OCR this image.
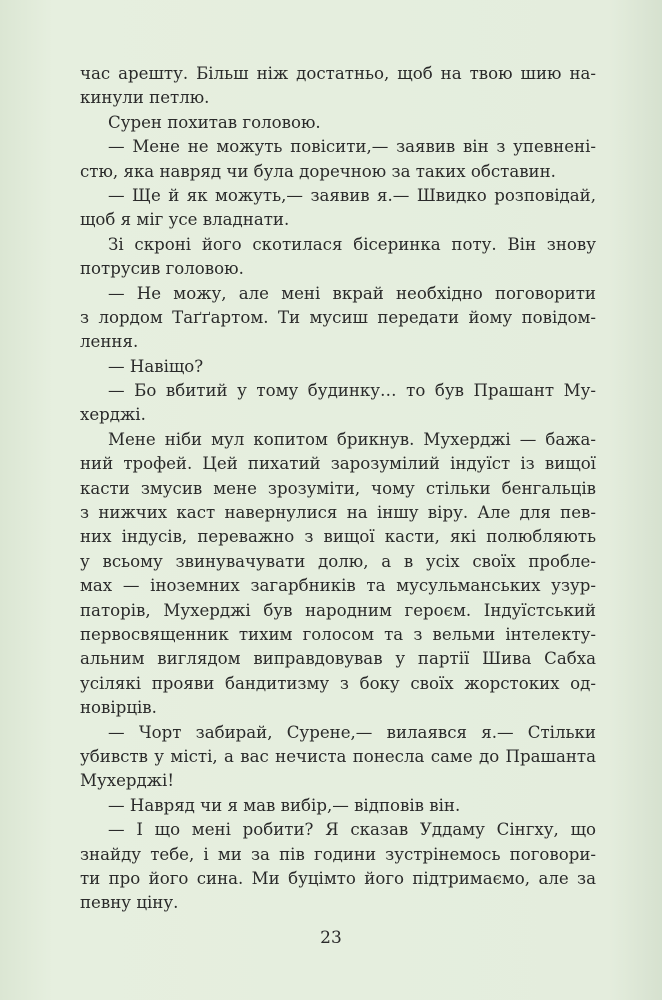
час арешту. Більш ніж достатньо, щоб на твою шию на-
кинули петлю.
Сурен похитав головою.
— Мене не можуть повісити,— заявив він з упевнені-
стю, яка навряд чи була доречною за таких обставин.
— Ще й як можуть,— заявив я.— Швидко розповідай,
щоб я міг усе владнати.
Зі скроні його скотилася бісеринка поту. Він знову
потрусив головою.
— Не можу, але мені вкрай необхідно поговорити
з лордом Таґґартом. Ти мусиш передати йому повідом-
лення.
— Навіщо?
— Бо вбитий у тому будинку… то був Прашант Му-
херджі.
Мене ніби мул копитом брикнув. Мухерджі — бажа-
ний трофей. Цей пихатий зарозумілий індуїст із вищої
касти змусив мене зрозуміти, чому стільки бенгальців
з нижчих каст навернулися на іншу віру. Але для пев-
них індусів, переважно з вищої касти, які полюбляють
у всьому звинувачувати долю, а в усіх своїх пробле-
мах — іноземних загарбників та мусульманських узур-
паторів, Мухерджі був народним героєм. Індуїстський
первосвященник тихим голосом та з вельми інтелекту-
альним виглядом виправдовував у партії Шива Сабха
усілякі прояви бандитизму з боку своїх жорстоких од-
новірців.
— Чорт забирай, Сурене,— вилаявся я.— Стільки
убивств у місті, а вас нечиста понесла саме до Прашанта
Мухерджі!
— Навряд чи я мав вибір,— відповів він.
— І що мені робити? Я сказав Уддаму Сінгху, що
знайду тебе, і ми за пів години зустрінемось поговори-
ти про його сина. Ми буцімто його підтримаємо, але за
певну ціну.
23
